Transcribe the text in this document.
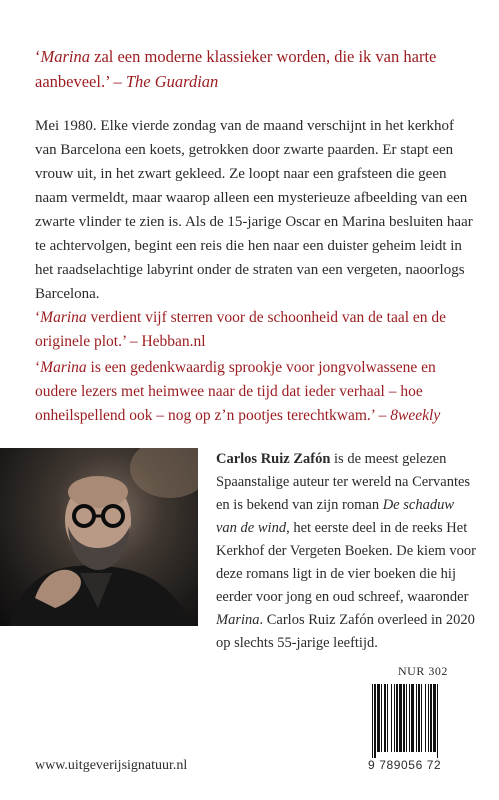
‘Marina zal een moderne klassieker worden, die ik van harte aanbeveel.’ – The Guardian
Mei 1980. Elke vierde zondag van de maand verschijnt in het kerkhof van Barcelona een koets, getrokken door zwarte paarden. Er stapt een vrouw uit, in het zwart gekleed. Ze loopt naar een grafsteen die geen naam vermeldt, maar waarop alleen een mysterieuze afbeelding van een zwarte vlinder te zien is. Als de 15-jarige Oscar en Marina besluiten haar te achtervolgen, begint een reis die hen naar een duister geheim leidt in het raadselachtige labyrint onder de straten van een vergeten, naoorlogs Barcelona.
‘Marina verdient vijf sterren voor de schoonheid van de taal en de originele plot.’ – Hebban.nl
‘Marina is een gedenkwaardig sprookje voor jongvolwassene en oudere lezers met heimwee naar de tijd dat ieder verhaal – hoe onheilspellend ook – nog op z’n pootjes terechtkwam.’ – 8weekly
Carlos Ruiz Zafón is de meest gelezen Spaanstalige auteur ter wereld na Cervantes en is bekend van zijn roman De schaduw van de wind, het eerste deel in de reeks Het Kerkhof der Vergeten Boeken. De kiem voor deze romans ligt in de vier boeken die hij eerder voor jong en oud schreef, waaronder Marina. Carlos Ruiz Zafón overleed in 2020 op slechts 55-jarige leeftijd.
NUR 302
9 789056 72
www.uitgeverijsignatuur.nl
